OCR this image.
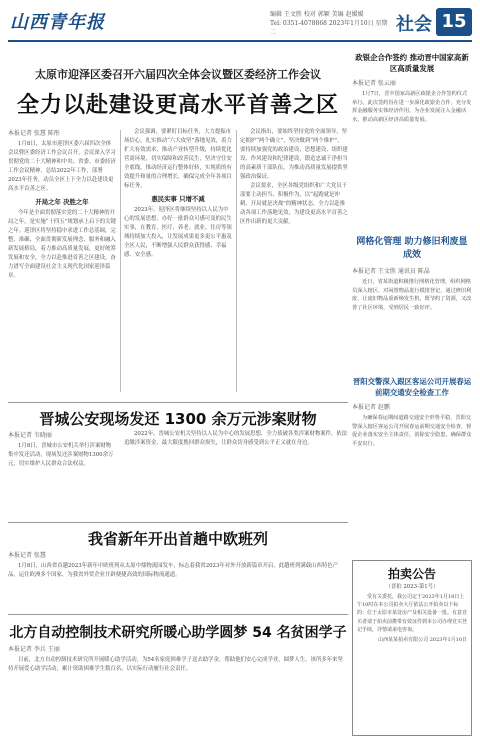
山西青年报	编辑 王文胜 校对 郭颖 美编 赵媛媛
Tel: 0351-4078868 2023年1月10日 星期二	社会 15
太原市迎泽区委召开六届四次全体会议暨区委经济工作会议
全力以赴建设更高水平首善之区
本报记者 张慧 陈彤

1月8日，太原市迎泽区委六届四次全体会议暨区委经济工作会议召开。会议深入学习贯彻党的二十大精神和中央、省委、市委经济工作会议精神，总结2022年工作，部署2023年任务，动员全区上下全力以赴建设更高水平首善之区。

开局之年 决胜之年

今年是全面贯彻落实党的二十大精神的开局之年，是实施“十四五”规划承上启下的关键之年。迎泽区将坚持稳中求进工作总基调，完整、准确、全面贯彻新发展理念，服务和融入新发展格局，着力推动高质量发展，更好统筹发展和安全，全力以赴推进首善之区建设，奋力谱写全面建设社会主义现代化国家迎泽篇章。

会议强调，要紧盯目标任务，大力提振市场信心，扎实推动“六大攻坚”落地见效，着力扩大有效需求，推动产业转型升级，持续优化营商环境，切实保障和改善民生，坚决守住安全底线，推动经济运行整体好转，实现质的有效提升和量的合理增长，确保完成全年各项目标任务。

惠民实事 只增不减

2023年，迎泽区将继续坚持以人民为中心的发展思想，办好一批群众可感可及的民生实事，在教育、医疗、养老、就业、住房等领域持续加大投入，让发展成果更多更公平惠及全区人民，不断增强人民群众获得感、幸福感、安全感。

会议指出，要始终坚持党的全面领导，坚定拥护“两个确立”，坚决做到“两个维护”。要持续加强党的政治建设、思想建设、组织建设、作风建设和纪律建设，锻造忠诚干净担当的高素质干部队伍，为推动高质量发展提供坚强政治保证。

会议要求，全区各级党组织和广大党员干部要主动担当、积极作为，以“起跑就是冲刺、开局就是决战”的精神状态，全力以赴推动各项工作落地见效，为建设更高水平首善之区作出新的更大贡献。

晋城公安现场发还 1300 余万元涉案财物
本报记者 韦晓丽

1月8日，晋城市公安机关举行涉案财物集中发还活动，现场发还涉案财物1300余万元，切实维护人民群众合法权益。

2022年，晋城公安机关坚持以人民为中心的发展思想，全力侦破各类涉案财物案件，依法追缴涉案资金，最大限度挽回群众损失，让群众切身感受到公平正义就在身边。

我省新年开出首趟中欧班列
本报记者 张慧

1月8日，山西省首趟2023年新年中欧班列从太原中鼎物流园发车，标志着我省2023年对外开放新篇章开启。此趟班列满载山西特色产品，运往欧洲多个国家，为我省外贸企业开辟便捷高效的国际物流通道。

北方自动控制技术研究所暖心助学圆梦 54 名贫困学子
本报记者 李兵 王丽

日前，北方自动控制技术研究所开展暖心助学活动，为54名家庭困难学子送去助学金，帮助他们安心完成学业，圆梦人生。该所多年来坚持开展爱心助学活动，累计资助困难学生数百名，以实际行动履行社会责任。

政银企合作签约 推动晋中国家高新区高质量发展
本报记者 张云丽

1月7日，晋中国家高新区政银企合作签约仪式举行。此次签约旨在进一步深化政银企合作，充分发挥金融服务实体经济作用，为企业发展注入金融活水，推动高新区经济高质量发展。

网格化管理 助力修旧利废显成效
本报记者 王文胜 通讯员 陈晶

近日，省某街道积极推行网格化管理，组织网格员深入辖区，对闲置物品进行摸排登记，通过修旧利废，让废旧物品重新焕发生机，既节约了资源，又改善了社区环境，受到居民一致好评。

晋阳交警深入跟区客运公司开展春运前期交通安全检查工作
本报记者 赵鹏

为确保春运期间道路交通安全形势平稳，晋阳交警深入辖区客运公司开展春运前期交通安全检查，督促企业落实安全主体责任，消除安全隐患，确保群众平安出行。

拍卖公告
（晋拍 2023-第1号）

受有关委托，我公司定于2023年1月18日上午10时在本公司拍卖大厅依法公开拍卖以下标的：位于太原市某处房产及相关设备一批。有意竞买者请于拍卖前携带有效证件到本公司办理竞买登记手续，详情请来电咨询。

山西某某拍卖有限公司 2023年1月10日
